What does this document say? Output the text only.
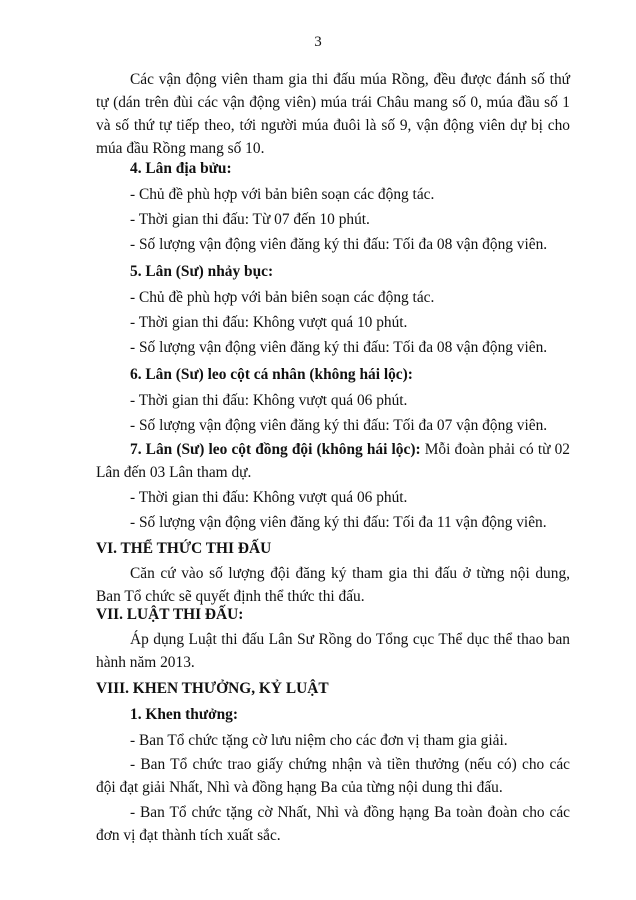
3

Các vận động viên tham gia thi đấu múa Rồng, đều được đánh số thứ tự (dán trên đùi các vận động viên) múa trái Châu mang số 0, múa đầu số 1 và số thứ tự tiếp theo, tới người múa đuôi là số 9, vận động viên dự bị cho múa đầu Rồng mang số 10.

4. Lân địa bửu:

- Chủ đề phù hợp với bản biên soạn các động tác.

- Thời gian thi đấu: Từ 07 đến 10 phút.

- Số lượng vận động viên đăng ký thi đấu: Tối đa 08 vận động viên.

5. Lân (Sư) nhảy bục:

- Chủ đề phù hợp với bản biên soạn các động tác.

- Thời gian thi đấu: Không vượt quá 10 phút.

- Số lượng vận động viên đăng ký thi đấu: Tối đa 08 vận động viên.

6. Lân (Sư) leo cột cá nhân (không hái lộc):

- Thời gian thi đấu: Không vượt quá 06 phút.

- Số lượng vận động viên đăng ký thi đấu: Tối đa 07 vận động viên.

7. Lân (Sư) leo cột đồng đội (không hái lộc): Mỗi đoàn phải có từ 02 Lân đến 03 Lân tham dự.

- Thời gian thi đấu: Không vượt quá 06 phút.

- Số lượng vận động viên đăng ký thi đấu: Tối đa 11 vận động viên.

VI. THỂ THỨC THI ĐẤU

Căn cứ vào số lượng đội đăng ký tham gia thi đấu ở từng nội dung, Ban Tổ chức sẽ quyết định thể thức thi đấu.

VII. LUẬT THI ĐẤU:

Áp dụng Luật thi đấu Lân Sư Rồng do Tổng cục Thể dục thể thao ban hành năm 2013.

VIII. KHEN THƯỞNG, KỶ LUẬT

1. Khen thưởng:

- Ban Tổ chức tặng cờ lưu niệm cho các đơn vị tham gia giải.

- Ban Tổ chức trao giấy chứng nhận và tiền thưởng (nếu có) cho các đội đạt giải Nhất, Nhì và đồng hạng Ba của từng nội dung thi đấu.

- Ban Tổ chức tặng cờ Nhất, Nhì và đồng hạng Ba toàn đoàn cho các đơn vị đạt thành tích xuất sắc.
